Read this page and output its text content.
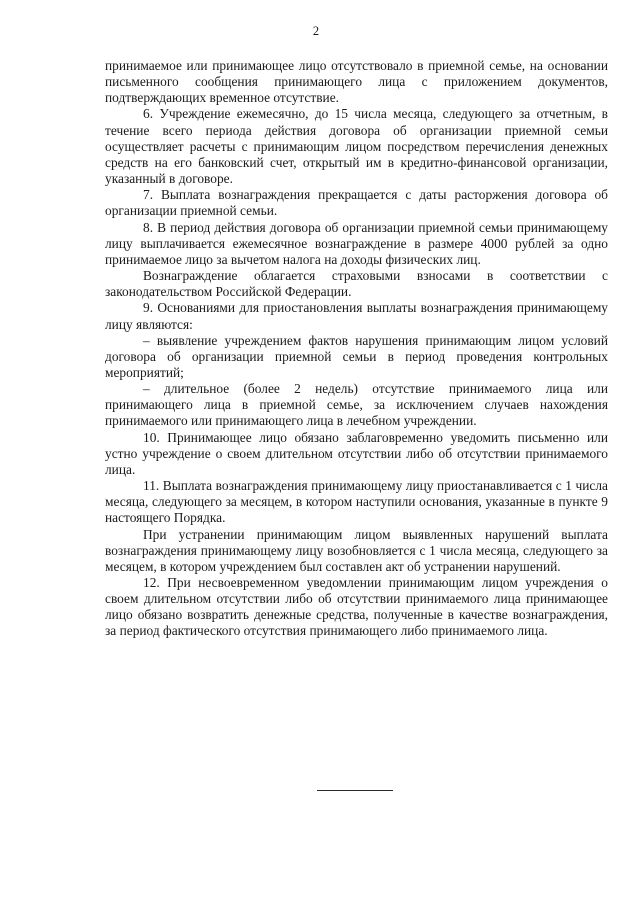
2

принимаемое или принимающее лицо отсутствовало в приемной семье, на основании письменного сообщения принимающего лица с приложением документов, подтверждающих временное отсутствие.

6. Учреждение ежемесячно, до 15 числа месяца, следующего за отчетным, в течение всего периода действия договора об организации приемной семьи осуществляет расчеты с принимающим лицом посредством перечисления денежных средств на его банковский счет, открытый им в кредитно-финансовой организации, указанный в договоре.

7. Выплата вознаграждения прекращается с даты расторжения договора об организации приемной семьи.

8. В период действия договора об организации приемной семьи принимающему лицу выплачивается ежемесячное вознаграждение в размере 4000 рублей за одно принимаемое лицо за вычетом налога на доходы физических лиц.

Вознаграждение облагается страховыми взносами в соответствии с законодательством Российской Федерации.

9. Основаниями для приостановления выплаты вознаграждения принимающему лицу являются:

– выявление учреждением фактов нарушения принимающим лицом условий договора об организации приемной семьи в период проведения контрольных мероприятий;

– длительное (более 2 недель) отсутствие принимаемого лица или принимающего лица в приемной семье, за исключением случаев нахождения принимаемого или принимающего лица в лечебном учреждении.

10. Принимающее лицо обязано заблаговременно уведомить письменно или устно учреждение о своем длительном отсутствии либо об отсутствии принимаемого лица.

11. Выплата вознаграждения принимающему лицу приостанавливается с 1 числа месяца, следующего за месяцем, в котором наступили основания, указанные в пункте 9 настоящего Порядка.

При устранении принимающим лицом выявленных нарушений выплата вознаграждения принимающему лицу возобновляется с 1 числа месяца, следующего за месяцем, в котором учреждением был составлен акт об устранении нарушений.

12. При несвоевременном уведомлении принимающим лицом учреждения о своем длительном отсутствии либо об отсутствии принимаемого лица принимающее лицо обязано возвратить денежные средства, полученные в качестве вознаграждения, за период фактического отсутствия принимающего либо принимаемого лица.
